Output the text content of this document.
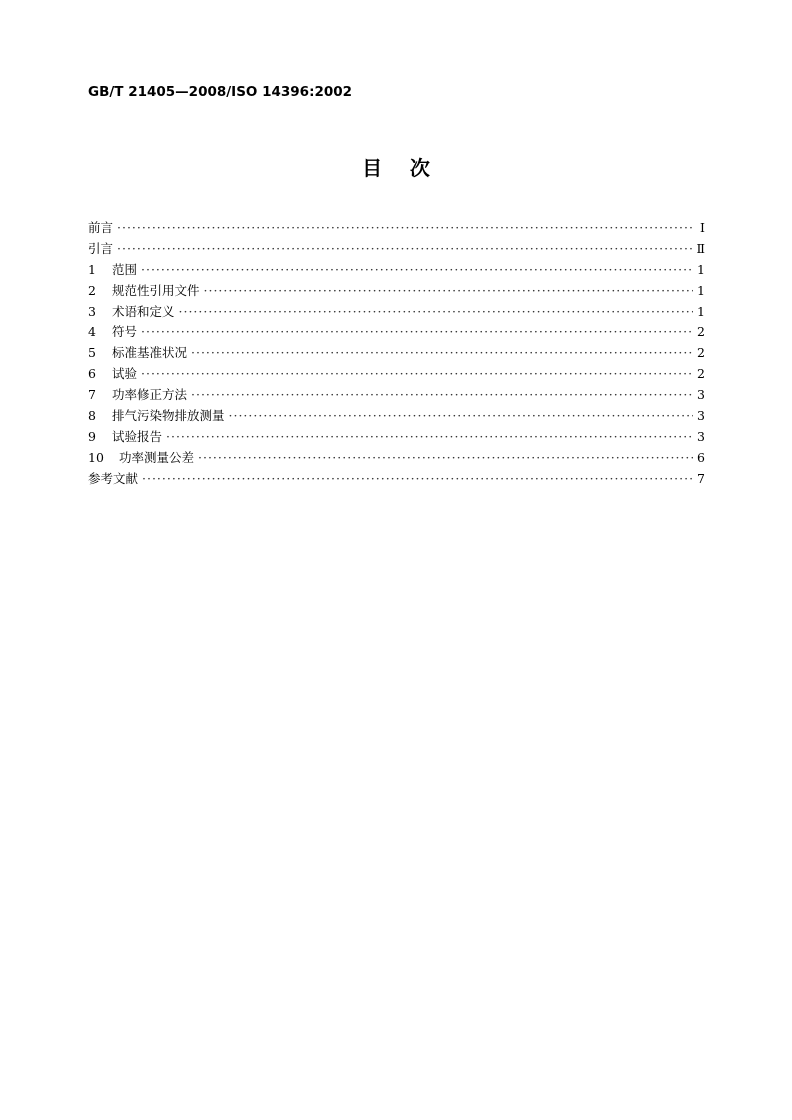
GB/T 21405—2008/ISO 14396:2002
目    次
前言 ·····	Ⅰ
引言 ·····	Ⅱ
1	范围 ·····	1
2	规范性引用文件 ·····	1
3	术语和定义 ·····	1
4	符号 ·····	2
5	标准基准状况 ·····	2
6	试验 ·····	2
7	功率修正方法 ·····	3
8	排气污染物排放测量 ·····	3
9	试验报告 ·····	3
10	功率测量公差 ·····	6
参考文献 ·····	7
